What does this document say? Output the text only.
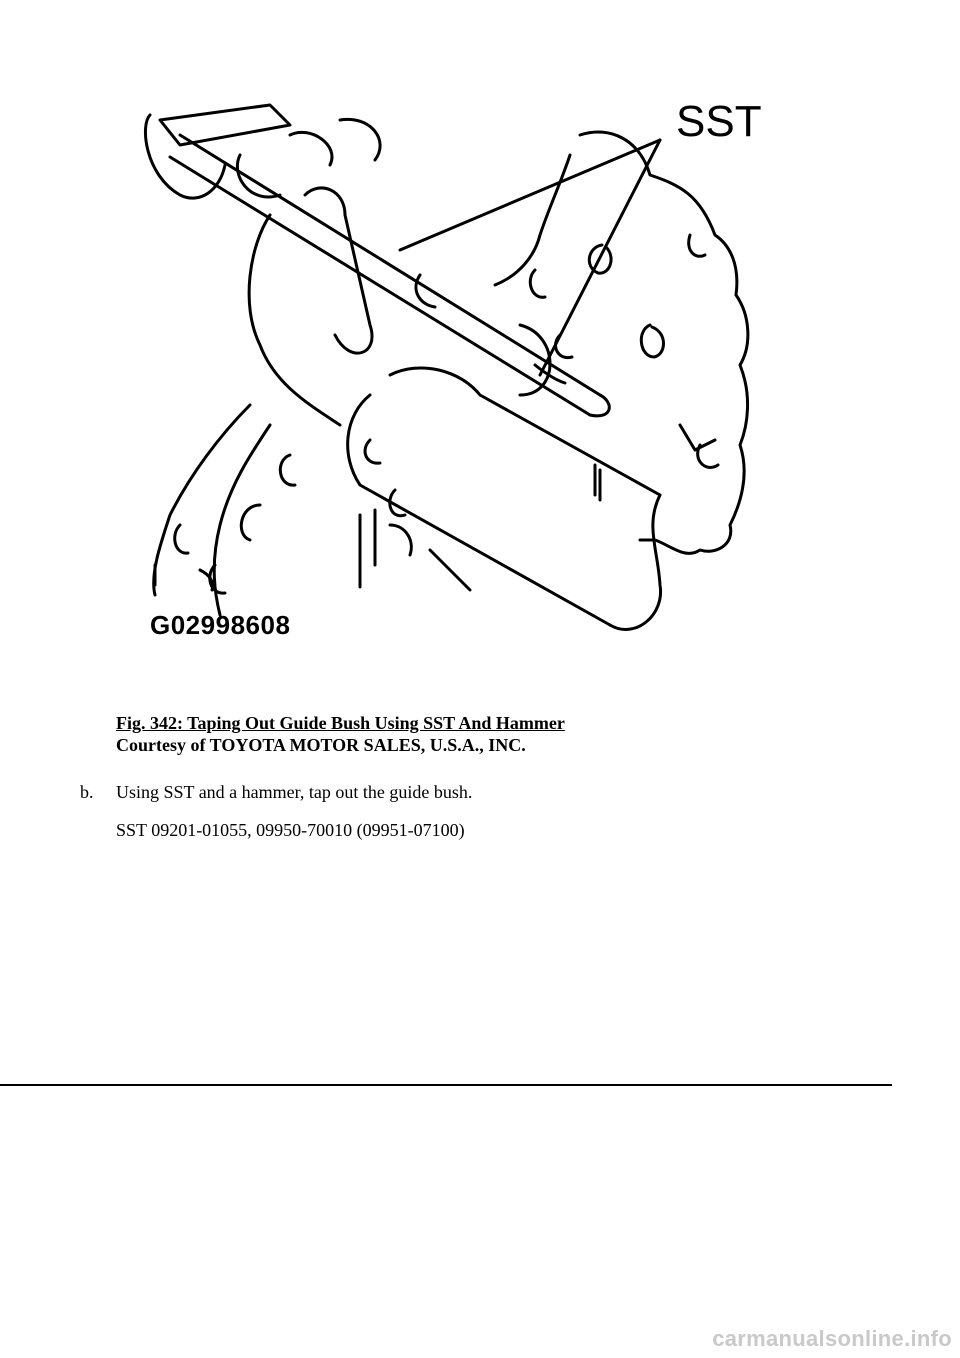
SST
G02998608
Fig. 342: Taping Out Guide Bush Using SST And Hammer
Courtesy of TOYOTA MOTOR SALES, U.S.A., INC.
b. Using SST and a hammer, tap out the guide bush.
SST 09201-01055, 09950-70010 (09951-07100)
carmanualsonline.info
